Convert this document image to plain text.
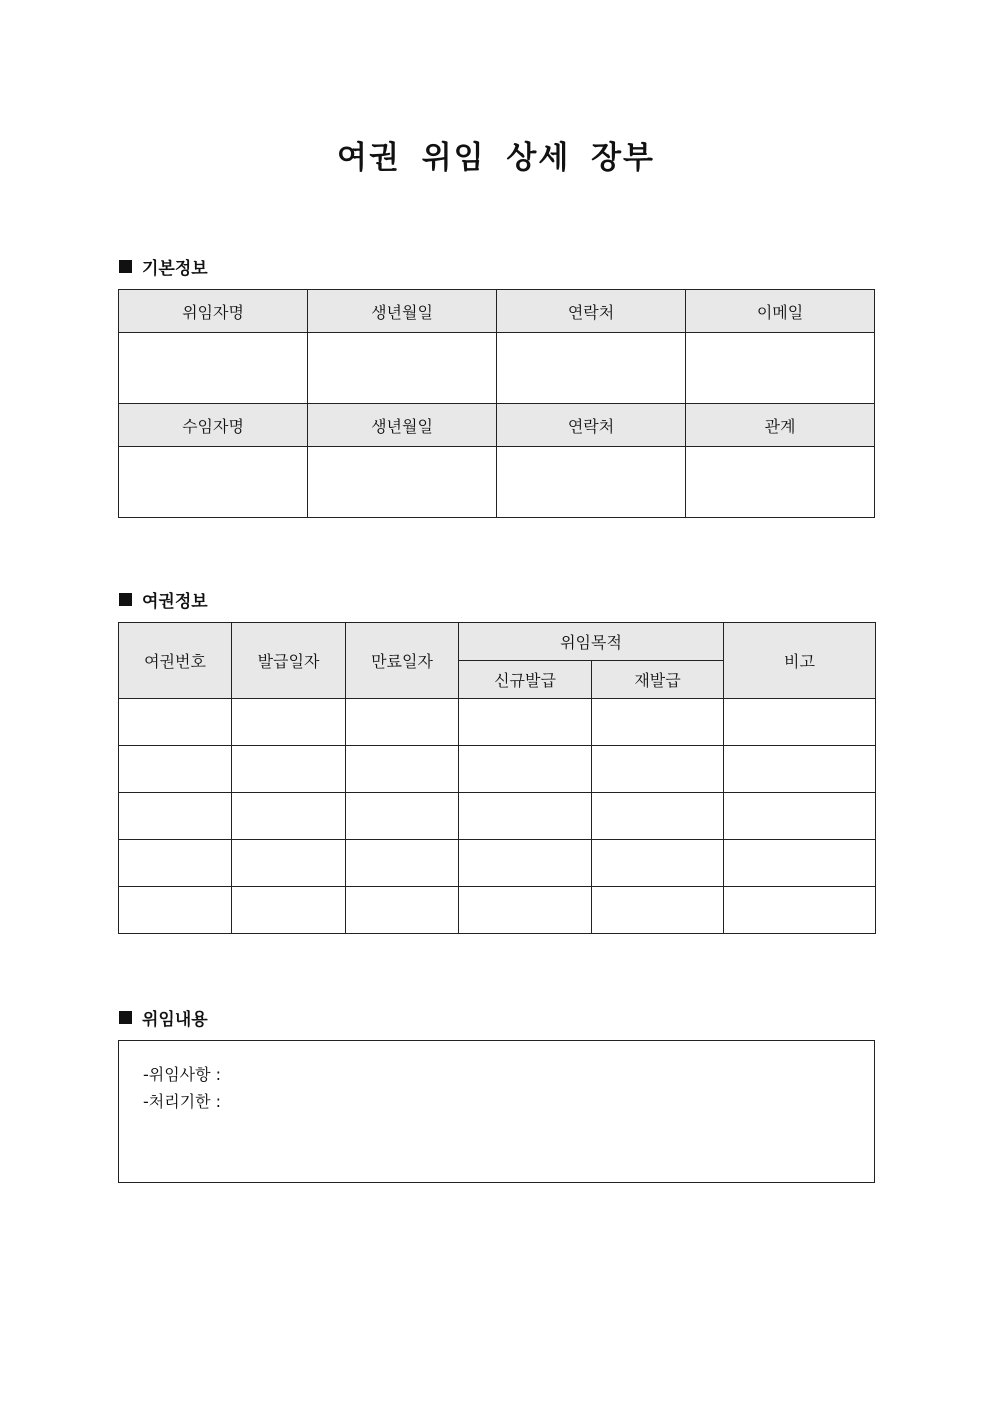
여권 위임 상세 장부
기본정보
위임자명	생년월일	연락처	이메일

수임자명	생년월일	연락처	관계

여권정보
여권번호	발급일자	만료일자	위임목적		비고
			신규발급	재발급	

위임내용
-위임사항 :
-처리기한 :
